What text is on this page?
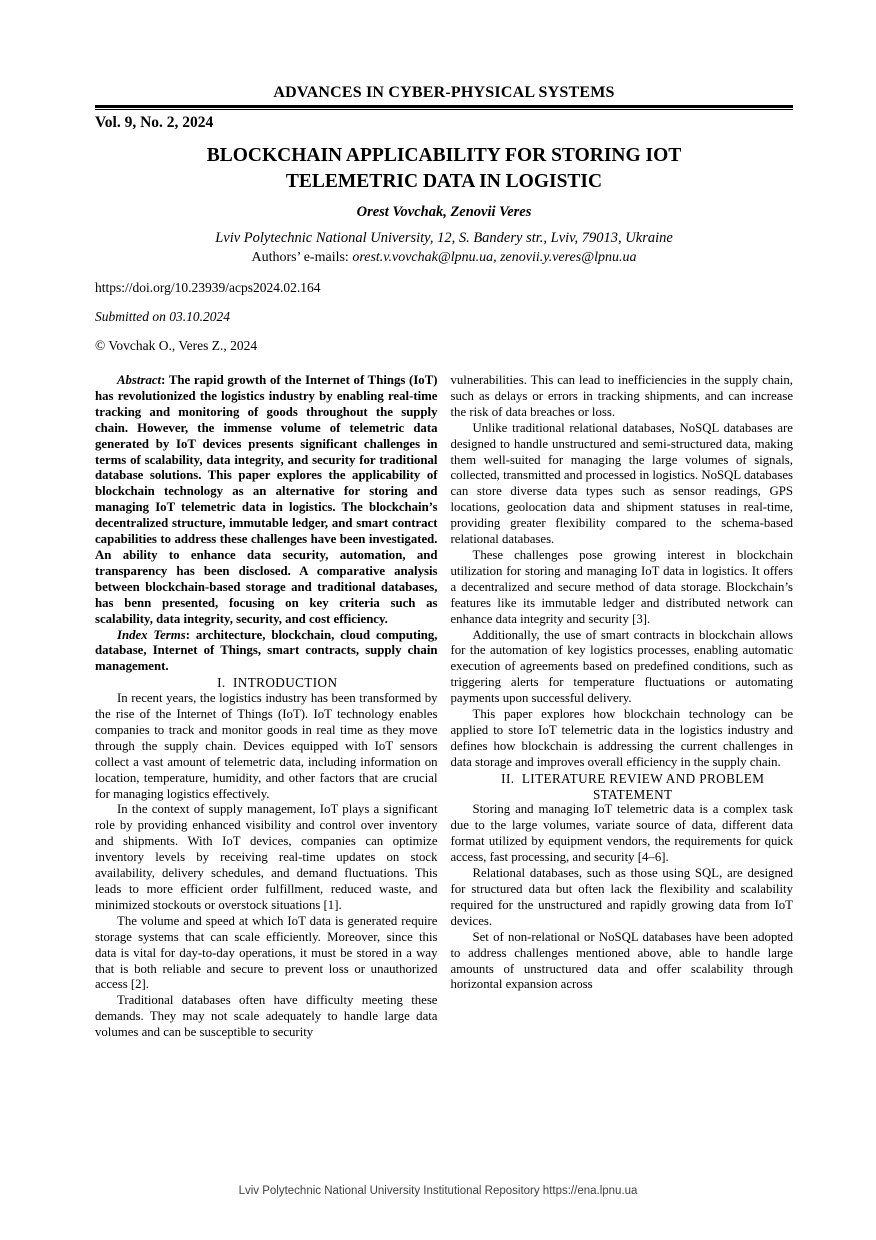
ADVANCES IN CYBER-PHYSICAL SYSTEMS
Vol. 9, No. 2, 2024
BLOCKCHAIN APPLICABILITY FOR STORING IOT
TELEMETRIC DATA IN LOGISTIC
Orest Vovchak, Zenovii Veres
Lviv Polytechnic National University, 12, S. Bandery str., Lviv, 79013, Ukraine
Authors’ e-mails: orest.v.vovchak@lpnu.ua, zenovii.y.veres@lpnu.ua
https://doi.org/10.23939/acps2024.02.164
Submitted on 03.10.2024
© Vovchak O., Veres Z., 2024

Abstract: The rapid growth of the Internet of Things (IoT) has revolutionized the logistics industry by enabling real-time tracking and monitoring of goods throughout the supply chain. However, the immense volume of telemetric data generated by IoT devices presents significant challenges in terms of scalability, data integrity, and security for traditional database solutions. This paper explores the applicability of blockchain technology as an alternative for storing and managing IoT telemetric data in logistics. The blockchain’s decentralized structure, immutable ledger, and smart contract capabilities to address these challenges have been investigated. An ability to enhance data security, automation, and transparency has been disclosed. A comparative analysis between blockchain-based storage and traditional databases, has benn presented, focusing on key criteria such as scalability, data integrity, security, and cost efficiency.

Index Terms: architecture, blockchain, cloud computing, database, Internet of Things, smart contracts, supply chain management.

I.  INTRODUCTION

In recent years, the logistics industry has been transformed by the rise of the Internet of Things (IoT). IoT technology enables companies to track and monitor goods in real time as they move through the supply chain. Devices equipped with IoT sensors collect a vast amount of telemetric data, including information on location, temperature, humidity, and other factors that are crucial for managing logistics effectively.

In the context of supply management, IoT plays a significant role by providing enhanced visibility and control over inventory and shipments. With IoT devices, companies can optimize inventory levels by receiving real-time updates on stock availability, delivery schedules, and demand fluctuations. This leads to more efficient order fulfillment, reduced waste, and minimized stockouts or overstock situations [1].

The volume and speed at which IoT data is generated require storage systems that can scale efficiently. Moreover, since this data is vital for day-to-day operations, it must be stored in a way that is both reliable and secure to prevent loss or unauthorized access [2].

Traditional databases often have difficulty meeting these demands. They may not scale adequately to handle large data volumes and can be susceptible to security

vulnerabilities. This can lead to inefficiencies in the supply chain, such as delays or errors in tracking shipments, and can increase the risk of data breaches or loss.

Unlike traditional relational databases, NoSQL databases are designed to handle unstructured and semi-structured data, making them well-suited for managing the large volumes of signals, collected, transmitted and processed in logistics. NoSQL databases can store diverse data types such as sensor readings, GPS locations, geolocation data and shipment statuses in real-time, providing greater flexibility compared to the schema-based relational databases.

These challenges pose growing interest in blockchain utilization for storing and managing IoT data in logistics. It offers a decentralized and secure method of data storage. Blockchain’s features like its immutable ledger and distributed network can enhance data integrity and security [3].

Additionally, the use of smart contracts in blockchain allows for the automation of key logistics processes, enabling automatic execution of agreements based on predefined conditions, such as triggering alerts for temperature fluctuations or automating payments upon successful delivery.

This paper explores how blockchain technology can be applied to store IoT telemetric data in the logistics industry and defines how blockchain is addressing the current challenges in data storage and improves overall efficiency in the supply chain.

II.  LITERATURE REVIEW AND PROBLEM
STATEMENT

Storing and managing IoT telemetric data is a complex task due to the large volumes, variate source of data, different data format utilized by equipment vendors, the requirements for quick access, fast processing, and security [4–6].

Relational databases, such as those using SQL, are designed for structured data but often lack the flexibility and scalability required for the unstructured and rapidly growing data from IoT devices.

Set of non-relational or NoSQL databases have been adopted to address challenges mentioned above, able to handle large amounts of unstructured data and offer scalability through horizontal expansion across

Lviv Polytechnic National University Institutional Repository https://ena.lpnu.ua
